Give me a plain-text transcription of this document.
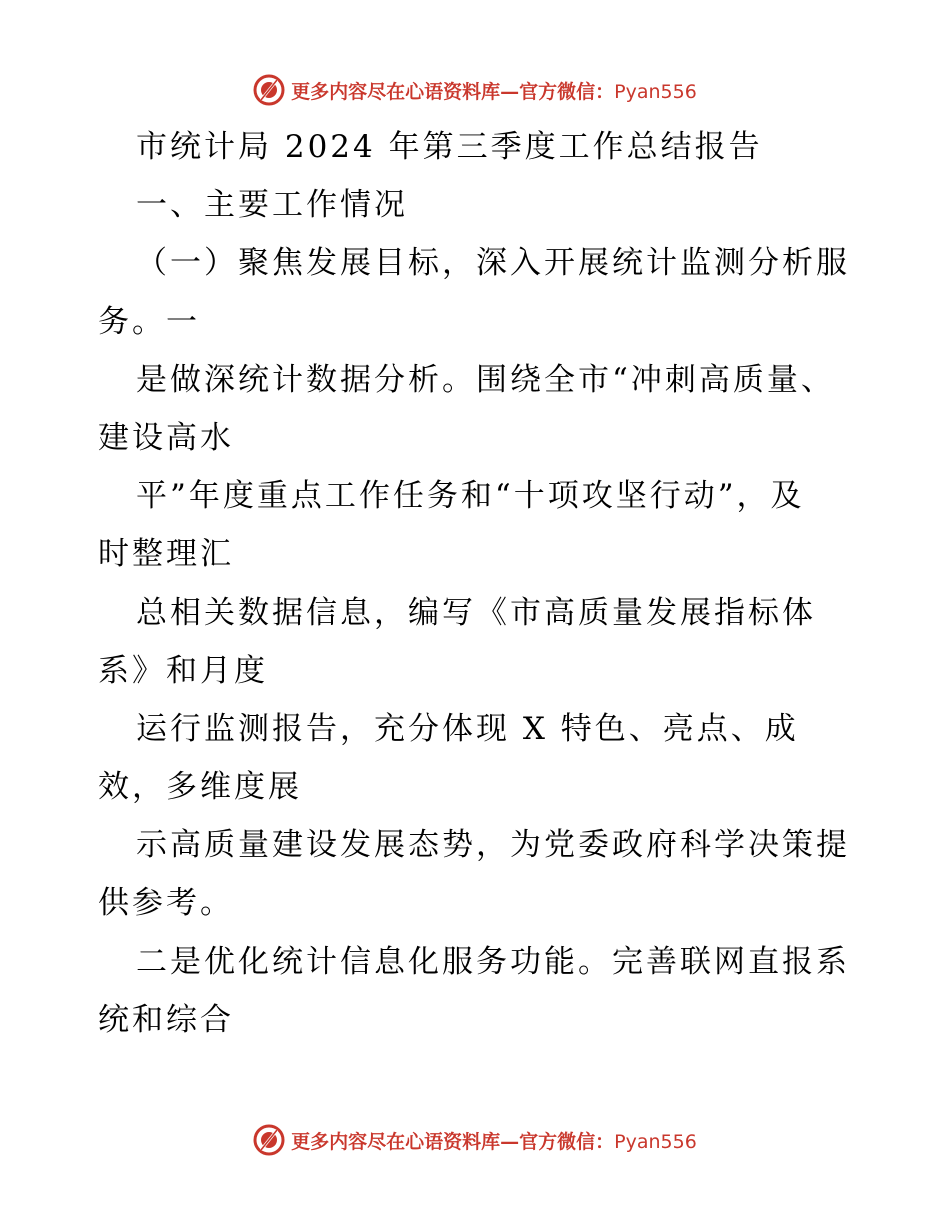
更多内容尽在心语资料库—官方微信：Pyan556
市统计局 2024 年第三季度工作总结报告
一、主要工作情况
（一）聚焦发展目标，深入开展统计监测分析服
务。一
是做深统计数据分析。围绕全市“冲刺高质量、
建设高水
平”年度重点工作任务和“十项攻坚行动”，及
时整理汇
总相关数据信息，编写《市高质量发展指标体
系》和月度
运行监测报告，充分体现 X 特色、亮点、成
效，多维度展
示高质量建设发展态势，为党委政府科学决策提
供参考。
二是优化统计信息化服务功能。完善联网直报系
统和综合
更多内容尽在心语资料库—官方微信：Pyan556
